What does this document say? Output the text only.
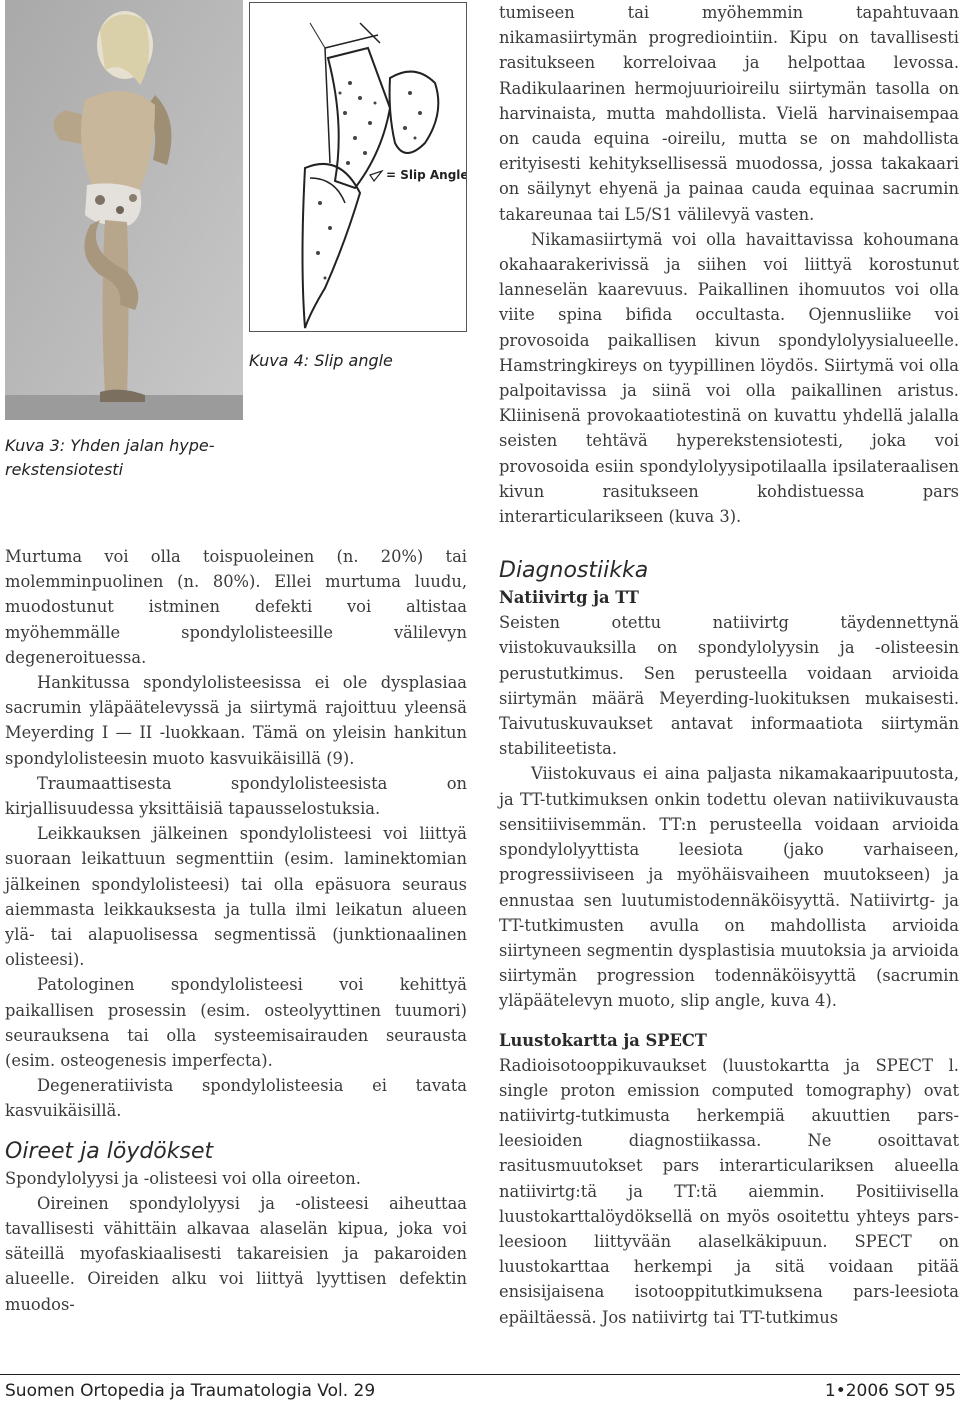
Kuva 3: Yhden jalan hype-
rekstensiotesti
= Slip Angle
Kuva 4: Slip angle

Murtuma voi olla toispuoleinen (n. 20%) tai molemminpuolinen (n. 80%). Ellei murtuma luudu, muodostunut istminen defekti voi altistaa myöhemmälle spondylolisteesille välilevyn degeneroituessa.

Hankitussa spondylolisteesissa ei ole dysplasiaa sacrumin yläpäätelevyssä ja siirtymä rajoittuu yleensä Meyerding I — II -luokkaan. Tämä on yleisin hankitun spondylolisteesin muoto kasvuikäisillä (9).

Traumaattisesta spondylolisteesista on kirjallisuudessa yksittäisiä tapausselostuksia.

Leikkauksen jälkeinen spondylolisteesi voi liittyä suoraan leikattuun segmenttiin (esim. laminektomian jälkeinen spondylolisteesi) tai olla epäsuora seuraus aiemmasta leikkauksesta ja tulla ilmi leikatun alueen ylä- tai alapuolisessa segmentissä (junktionaalinen olisteesi).

Patologinen spondylolisteesi voi kehittyä paikallisen prosessin (esim. osteolyyttinen tuumori) seurauksena tai olla systeemisairauden seurausta (esim. osteogenesis imperfecta).

Degeneratiivista spondylolisteesia ei tavata kasvuikäisillä.

Oireet ja löydökset

Spondylolyysi ja -olisteesi voi olla oireeton.

Oireinen spondylolyysi ja -olisteesi aiheuttaa tavallisesti vähittäin alkavaa alaselän kipua, joka voi säteillä myofaskiaalisesti takareisien ja pakaroiden alueelle. Oireiden alku voi liittyä lyyttisen defektin muodos-

tumiseen tai myöhemmin tapahtuvaan nikamasiirtymän progrediointiin. Kipu on tavallisesti rasitukseen korreloivaa ja helpottaa levossa. Radikulaarinen hermojuurioireilu siirtymän tasolla on harvinaista, mutta mahdollista. Vielä harvinaisempaa on cauda equina -oireilu, mutta se on mahdollista erityisesti kehityksellisessä muodossa, jossa takakaari on säilynyt ehyenä ja painaa cauda equinaa sacrumin takareunaa tai L5/S1 välilevyä vasten.

Nikamasiirtymä voi olla havaittavissa kohoumana okahaarakerivissä ja siihen voi liittyä korostunut lanneselän kaarevuus. Paikallinen ihomuutos voi olla viite spina bifida occultasta. Ojennusliike voi provosoida paikallisen kivun spondylolyysialueelle. Hamstringkireys on tyypillinen löydös. Siirtymä voi olla palpoitavissa ja siinä voi olla paikallinen aristus. Kliinisenä provokaatiotestinä on kuvattu yhdellä jalalla seisten tehtävä hyperekstensiotesti, joka voi provosoida esiin spondylolyysipotilaalla ipsilateraalisen kivun rasitukseen kohdistuessa pars interarticularikseen (kuva 3).

Diagnostiikka
Natiivirtg ja TT

Seisten otettu natiivirtg täydennettynä viistokuvauksilla on spondylolyysin ja -olisteesin perustutkimus. Sen perusteella voidaan arvioida siirtymän määrä Meyerding-luokituksen mukaisesti. Taivutuskuvaukset antavat informaatiota siirtymän stabiliteetista.

Viistokuvaus ei aina paljasta nikamakaaripuutosta, ja TT-tutkimuksen onkin todettu olevan natiivikuvausta sensitiivisemmän. TT:n perusteella voidaan arvioida spondylolyyttista leesiota (jako varhaiseen, progressiiviseen ja myöhäisvaiheen muutokseen) ja ennustaa sen luutumistodennäköisyyttä. Natiivirtg- ja TT-tutkimusten avulla on mahdollista arvioida siirtyneen segmentin dysplastisia muutoksia ja arvioida siirtymän progression todennäköisyyttä (sacrumin yläpäätelevyn muoto, slip angle, kuva 4).

Luustokartta ja SPECT

Radioisotooppikuvaukset (luustokartta ja SPECT l. single proton emission computed tomography) ovat natiivirtg-tutkimusta herkempiä akuuttien pars-leesioiden diagnostiikassa. Ne osoittavat rasitusmuutokset pars interarticulariksen alueella natiivirtg:tä ja TT:tä aiemmin. Positiivisella luustokarttalöydöksellä on myös osoitettu yhteys pars-leesioon liittyvään alaselkäkipuun. SPECT on luustokarttaa herkempi ja sitä voidaan pitää ensisijaisena isotooppitutkimuksena pars-leesiota epäiltäessä. Jos natiivirtg tai TT-tutkimus

Suomen Ortopedia ja Traumatologia Vol. 29	1•2006 SOT 95
